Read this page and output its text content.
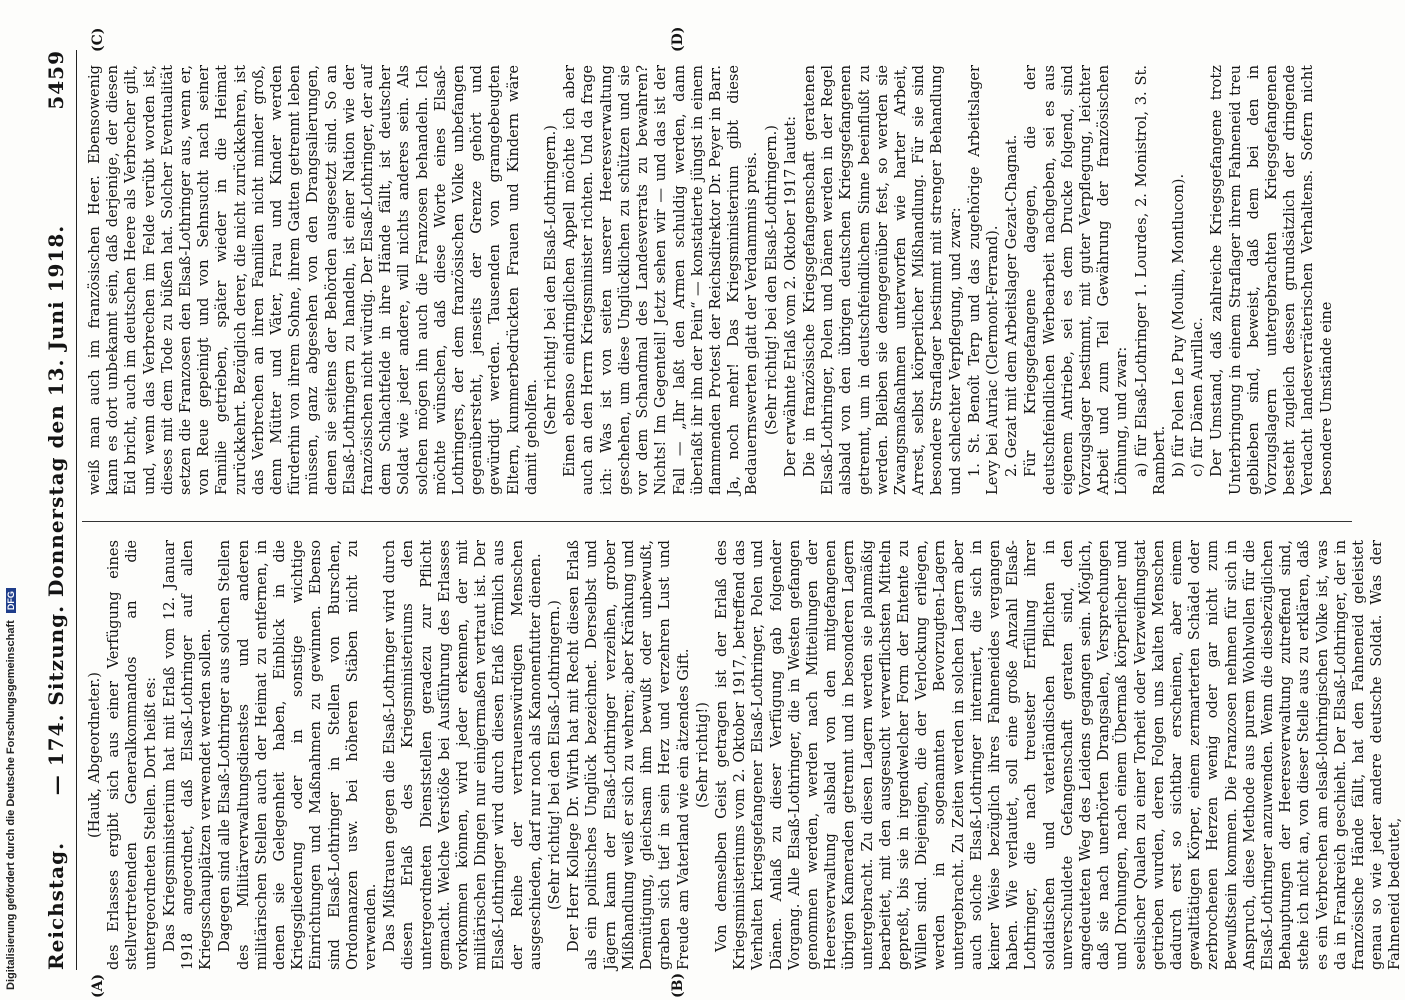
Reichstag.
— 174. Sitzung. Donnerstag den 13. Juni 1918.
5459
(A)	(B)
(C)	(D)

(Hauk, Abgeordneter.) des Erlasses ergibt sich aus einer Verfügung eines stellvertretenden Generalkommandos an die untergeordneten Stellen. Dort heißt es: Das Kriegsministerium hat mit Erlaß vom 12. Januar 1918 angeordnet, daß Elsaß-Lothringer auf allen Kriegsschauplätzen verwendet werden sollen. Dagegen sind alle Elsaß-Lothringer aus solchen Stellen des Militärverwaltungsdienstes und anderen militärischen Stellen auch der Heimat zu entfernen, in denen sie Gelegenheit haben, Einblick in die Kriegsgliederung oder in sonstige wichtige Einrichtungen und Maßnahmen zu gewinnen. Ebenso sind Elsaß-Lothringer in Stellen von Burschen, Ordonnanzen usw. bei höheren Stäben nicht zu verwenden. Das Mißtrauen gegen die Elsaß-Lothringer wird durch diesen Erlaß des Kriegsministeriums den untergeordneten Dienststellen geradezu zur Pflicht gemacht. Welche Verstöße bei Ausführung des Erlasses vorkommen können, wird jeder erkennen, der mit militärischen Dingen nur einigermaßen vertraut ist. Der Elsaß-Lothringer wird durch diesen Erlaß förmlich aus der Reihe der vertrauenswürdigen Menschen ausgeschieden, darf nur noch als Kanonenfutter dienen. (Sehr richtig! bei den Elsaß-Lothringern.) Der Herr Kollege Dr. Wirth hat mit Recht diesen Erlaß als ein politisches Unglück bezeichnet. Derselbst und Jägern kann der Elsaß-Lothringer verzeihen, grober Mißhandlung weiß er sich zu wehren; aber Kränkung und Demütigung, gleichsam ihm bewußt oder unbewußt, graben sich tief in sein Herz und verzehren Lust und Freude am Vaterland wie ein ätzendes Gift. (Sehr richtig!) Von demselben Geist getragen ist der Erlaß des Kriegsministeriums vom 2. Oktober 1917, betreffend das Verhalten kriegsgefangener Elsaß-Lothringer, Polen und Dänen. Anlaß zu dieser Verfügung gab folgender Vorgang. Alle Elsaß-Lothringer, die in Westen gefangen genommen werden, werden nach Mitteilungen der Heeresverwaltung alsbald von den mitgefangenen übrigen Kameraden getrennt und in besonderen Lagern untergebracht. Zu diesen Lagern werden sie planmäßig bearbeitet, mit den ausgesucht verwerflichsten Mitteln gepreßt, bis sie in irgendwelcher Form der Entente zu Willen sind. Diejenigen, die der Verlockung erliegen, werden in sogenannten Bevorzugten-Lagern untergebracht. Zu Zeiten werden in solchen Lagern aber auch solche Elsaß-Lothringer interniert, die sich in keiner Weise bezüglich ihres Fahneneides vergangen haben. Wie verlautet, soll eine große Anzahl Elsaß-Lothringer, die nach treuester Erfüllung ihrer soldatischen und vaterländischen Pflichten in unverschuldete Gefangenschaft geraten sind, den angedeuteten Weg des Leidens gegangen sein. Möglich, daß sie nach unerhörten Drangsalen, Versprechungen und Drohungen, nach einem Übermaß körperlicher und seelischer Qualen zu einer Torheit oder Verzweiflungstat getrieben wurden, deren Folgen uns kalten Menschen dadurch erst so sichtbar erscheinen, aber einem gewalttätigen Körper, einem zermarterten Schädel oder zerbrochenen Herzen wenig oder gar nicht zum Bewußtsein kommen. Die Franzosen nehmen für sich in Anspruch, diese Methode aus purem Wohlwollen für die Elsaß-Lothringer anzuwenden. Wenn die diesbezüglichen Behauptungen der Heeresverwaltung zutreffend sind, stehe ich nicht an, von dieser Stelle aus zu erklären, daß es ein Verbrechen am elsaß-lothringischen Volke ist, was da in Frankreich geschieht. Der Elsaß-Lothringer, der in französische Hände fällt, hat den Fahneneid geleistet genau so wie jeder andere deutsche Soldat. Was der Fahneneid bedeutet,

weiß man auch im französischen Heer. Ebensowenig kann es dort unbekannt sein, daß derjenige, der diesen Eid bricht, auch im deutschen Heere als Verbrecher gilt, und, wenn das Verbrechen im Felde verübt worden ist, dieses mit dem Tode zu büßen hat. Solcher Eventualität setzen die Franzosen den Elsaß-Lothringer aus, wenn er, von Reue gepeinigt und von Sehnsucht nach seiner Familie getrieben, später wieder in die Heimat zurückkehrt. Bezüglich derer, die nicht zurückkehren, ist das Verbrechen an ihren Familien nicht minder groß, denn Mütter und Väter, Frau und Kinder werden fürderhin von ihrem Sohne, ihrem Gatten getrennt leben müssen, ganz abgesehen von den Drangsalierungen, denen sie seitens der Behörden ausgesetzt sind. So an Elsaß-Lothringern zu handeln, ist einer Nation wie der französischen nicht würdig. Der Elsaß-Lothringer, der auf dem Schlachtfelde in ihre Hände fällt, ist deutscher Soldat wie jeder andere, will nichts anderes sein. Als solchen mögen ihn auch die Franzosen behandeln. Ich möchte wünschen, daß diese Worte eines Elsaß-Lothringers, der dem französischen Volke unbefangen gegenübersteht, jenseits der Grenze gehört und gewürdigt werden. Tausenden von gramgebeugten Eltern, kummerbedrückten Frauen und Kindern wäre damit geholfen.

(Sehr richtig! bei den Elsaß-Lothringern.) Einen ebenso eindringlichen Appell möchte ich aber auch an den Herrn Kriegsminister richten. Und da frage ich: Was ist von seiten unserer Heeresverwaltung geschehen, um diese Unglücklichen zu schützen und sie vor dem Schandmal des Landesverrats zu bewahren? Nichts! Im Gegenteil! Jetzt sehen wir — und das ist der Fall — „Ihr laßt den Armen schuldig werden, dann überlaßt ihr ihn der Pein“ — konstatierte jüngst in einem flammenden Protest der Reichsdirektor Dr. Peyer in Barr. Ja, noch mehr! Das Kriegsministerium gibt diese Bedauernswerten glatt der Verdammnis preis. (Sehr richtig! bei den Elsaß-Lothringern.) Der erwähnte Erlaß vom 2. Oktober 1917 lautet: Die in französische Kriegsgefangenschaft geratenen Elsaß-Lothringer, Polen und Dänen werden in der Regel alsbald von den übrigen deutschen Kriegsgefangenen getrennt, um in deutschfeindlichem Sinne beeinflußt zu werden. Bleiben sie demgegenüber fest, so werden sie Zwangsmaßnahmen unterworfen wie harter Arbeit, Arrest, selbst körperlicher Mißhandlung. Für sie sind besondere Straflager bestimmt mit strenger Behandlung und schlechter Verpflegung, und zwar: 1. St. Benoît Terp und das zugehörige Arbeitslager Levy bei Auriac (Clermont-Ferrand). 2. Gezat mit dem Arbeitslager Gezat-Chagnat. Für Kriegsgefangene dagegen, die der deutschfeindlichen Werbearbeit nachgeben, sei es aus eigenem Antriebe, sei es dem Drucke folgend, sind Vorzugslager bestimmt, mit guter Verpflegung, leichter Arbeit und zum Teil Gewährung der französischen Löhnung, und zwar: a) für Elsaß-Lothringer 1. Lourdes, 2. Monistrol, 3. St. Rambert. b) für Polen Le Puy (Moulin, Montlucon). c) für Dänen Aurillac. Der Umstand, daß zahlreiche Kriegsgefangene trotz Unterbringung in einem Straflager ihrem Fahneneid treu geblieben sind, beweist, daß dem bei den in Vorzugslagern untergebrachten Kriegsgefangenen besteht zugleich dessen grundsätzlich der dringende Verdacht landesverräterischen Verhaltens. Sofern nicht besondere Umstände eine

Digitalisierung gefördert durch die Deutsche Forschungsgemeinschaft DFG
